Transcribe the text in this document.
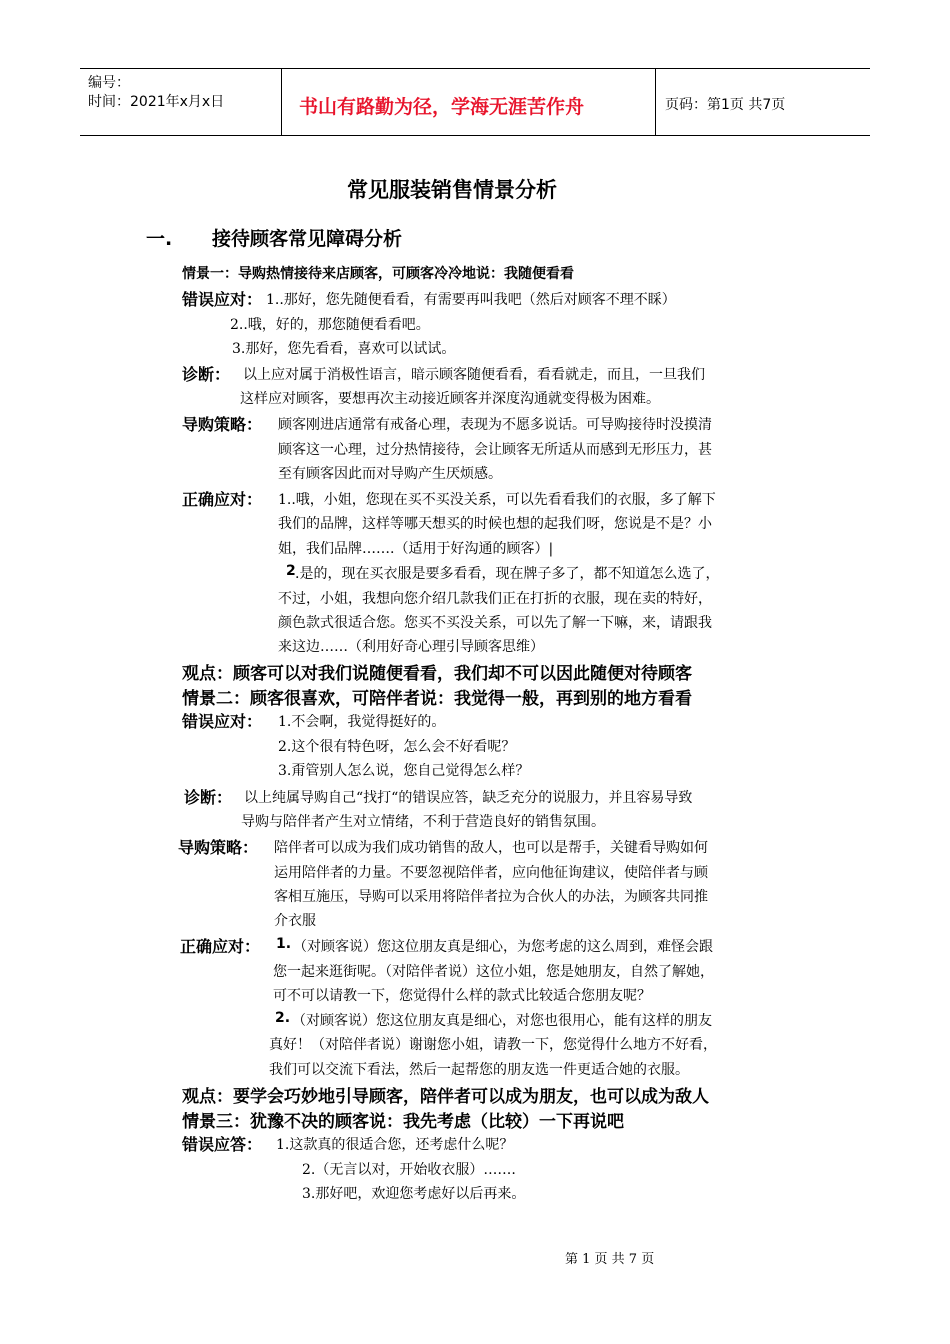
编号：
时间：2021年x月x日	书山有路勤为径，学海无涯苦作舟	页码：第1页 共7页
常见服装销售情景分析
一. 接待顾客常见障碍分析
情景一：导购热情接待来店顾客，可顾客冷冷地说：我随便看看
错误应对： 1..那好，您先随便看看，有需要再叫我吧（然后对顾客不理不睬）
2..哦，好的，那您随便看看吧。
3.那好，您先看看，喜欢可以试试。
诊断： 以上应对属于消极性语言，暗示顾客随便看看，看看就走，而且，一旦我们
这样应对顾客，要想再次主动接近顾客并深度沟通就变得极为困难。
导购策略： 顾客刚进店通常有戒备心理，表现为不愿多说话。可导购接待时没摸清
顾客这一心理，过分热情接待，会让顾客无所适从而感到无形压力，甚
至有顾客因此而对导购产生厌烦感。
正确应对： 1..哦，小姐，您现在买不买没关系，可以先看看我们的衣服，多了解下
我们的品牌，这样等哪天想买的时候也想的起我们呀，您说是不是？小
姐，我们品牌…….（适用于好沟通的顾客）|
2 .是的，现在买衣服是要多看看，现在牌子多了，都不知道怎么选了，
不过，小姐，我想向您介绍几款我们正在打折的衣服，现在卖的特好，
颜色款式很适合您。您买不买没关系，可以先了解一下嘛，来，请跟我
来这边……（利用好奇心理引导顾客思维）
观点：顾客可以对我们说随便看看，我们却不可以因此随便对待顾客
情景二：顾客很喜欢，可陪伴者说：我觉得一般，再到别的地方看看
错误应对： 1.不会啊，我觉得挺好的。
2.这个很有特色呀，怎么会不好看呢？
3.甭管别人怎么说，您自己觉得怎么样？
诊断： 以上纯属导购自己“找打“的错误应答，缺乏充分的说服力，并且容易导致
导购与陪伴者产生对立情绪，不利于营造良好的销售氛围。
导购策略： 陪伴者可以成为我们成功销售的敌人，也可以是帮手，关键看导购如何
运用陪伴者的力量。不要忽视陪伴者，应向他征询建议，使陪伴者与顾
客相互施压，导购可以采用将陪伴者拉为合伙人的办法，为顾客共同推
介衣服
正确应对： 1. （对顾客说）您这位朋友真是细心，为您考虑的这么周到，难怪会跟
您一起来逛街呢。（对陪伴者说）这位小姐，您是她朋友，自然了解她，
可不可以请教一下，您觉得什么样的款式比较适合您朋友呢？
2. （对顾客说）您这位朋友真是细心，对您也很用心，能有这样的朋友
真好！（对陪伴者说）谢谢您小姐，请教一下，您觉得什么地方不好看，
我们可以交流下看法，然后一起帮您的朋友选一件更适合她的衣服。
观点：要学会巧妙地引导顾客，陪伴者可以成为朋友，也可以成为敌人
情景三：犹豫不决的顾客说：我先考虑（比较）一下再说吧
错误应答： 1.这款真的很适合您，还考虑什么呢？
2.（无言以对，开始收衣服）…….
3.那好吧，欢迎您考虑好以后再来。
第 1 页 共 7 页
